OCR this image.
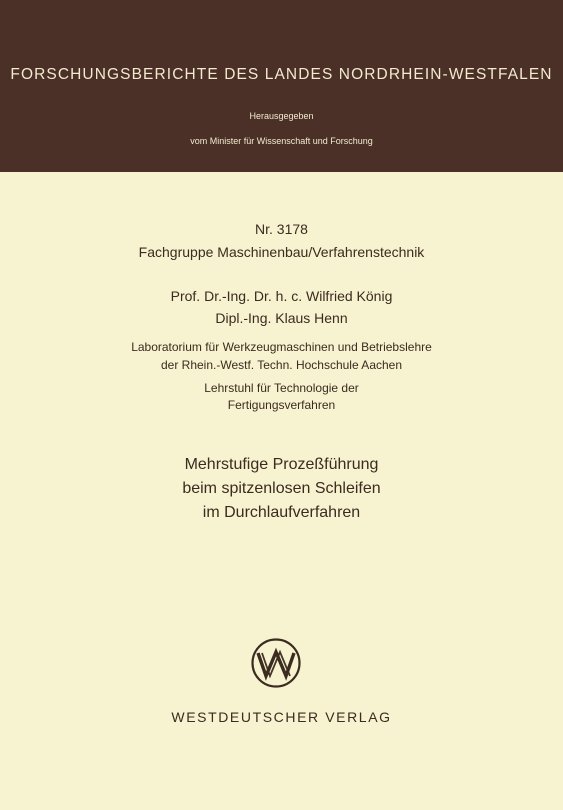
FORSCHUNGSBERICHTE DES LANDES NORDRHEIN-WESTFALEN
Herausgegeben
vom Minister für Wissenschaft und Forschung
Nr. 3178
Fachgruppe Maschinenbau/Verfahrenstechnik
Prof. Dr.-Ing. Dr. h. c. Wilfried König
Dipl.-Ing. Klaus Henn
Laboratorium für Werkzeugmaschinen und Betriebslehre
der Rhein.-Westf. Techn. Hochschule Aachen
Lehrstuhl für Technologie der
Fertigungsverfahren
Mehrstufige Prozeßführung
beim spitzenlosen Schleifen
im Durchlaufverfahren
WESTDEUTSCHER VERLAG
